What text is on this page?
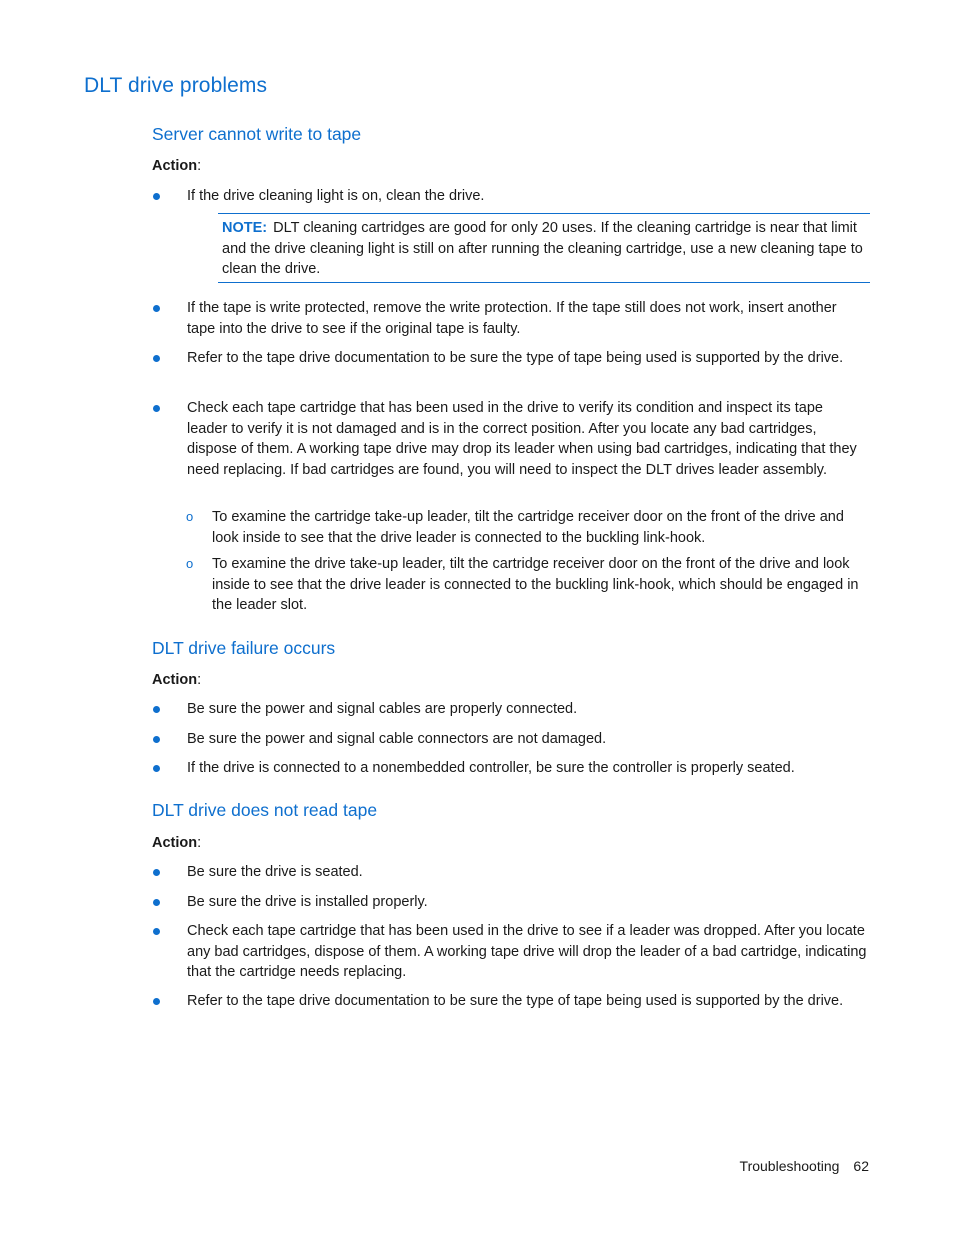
DLT drive problems
Server cannot write to tape
Action:
If the drive cleaning light is on, clean the drive.
NOTE: DLT cleaning cartridges are good for only 20 uses. If the cleaning cartridge is near that limit and the drive cleaning light is still on after running the cleaning cartridge, use a new cleaning tape to clean the drive.
If the tape is write protected, remove the write protection. If the tape still does not work, insert another tape into the drive to see if the original tape is faulty.
Refer to the tape drive documentation to be sure the type of tape being used is supported by the drive.
Check each tape cartridge that has been used in the drive to verify its condition and inspect its tape leader to verify it is not damaged and is in the correct position. After you locate any bad cartridges, dispose of them. A working tape drive may drop its leader when using bad cartridges, indicating that they need replacing. If bad cartridges are found, you will need to inspect the DLT drives leader assembly.
o To examine the cartridge take-up leader, tilt the cartridge receiver door on the front of the drive and look inside to see that the drive leader is connected to the buckling link-hook.
o To examine the drive take-up leader, tilt the cartridge receiver door on the front of the drive and look inside to see that the drive leader is connected to the buckling link-hook, which should be engaged in the leader slot.
DLT drive failure occurs
Action:
Be sure the power and signal cables are properly connected.
Be sure the power and signal cable connectors are not damaged.
If the drive is connected to a nonembedded controller, be sure the controller is properly seated.
DLT drive does not read tape
Action:
Be sure the drive is seated.
Be sure the drive is installed properly.
Check each tape cartridge that has been used in the drive to see if a leader was dropped. After you locate any bad cartridges, dispose of them. A working tape drive will drop the leader of a bad cartridge, indicating that the cartridge needs replacing.
Refer to the tape drive documentation to be sure the type of tape being used is supported by the drive.
Troubleshooting 62
